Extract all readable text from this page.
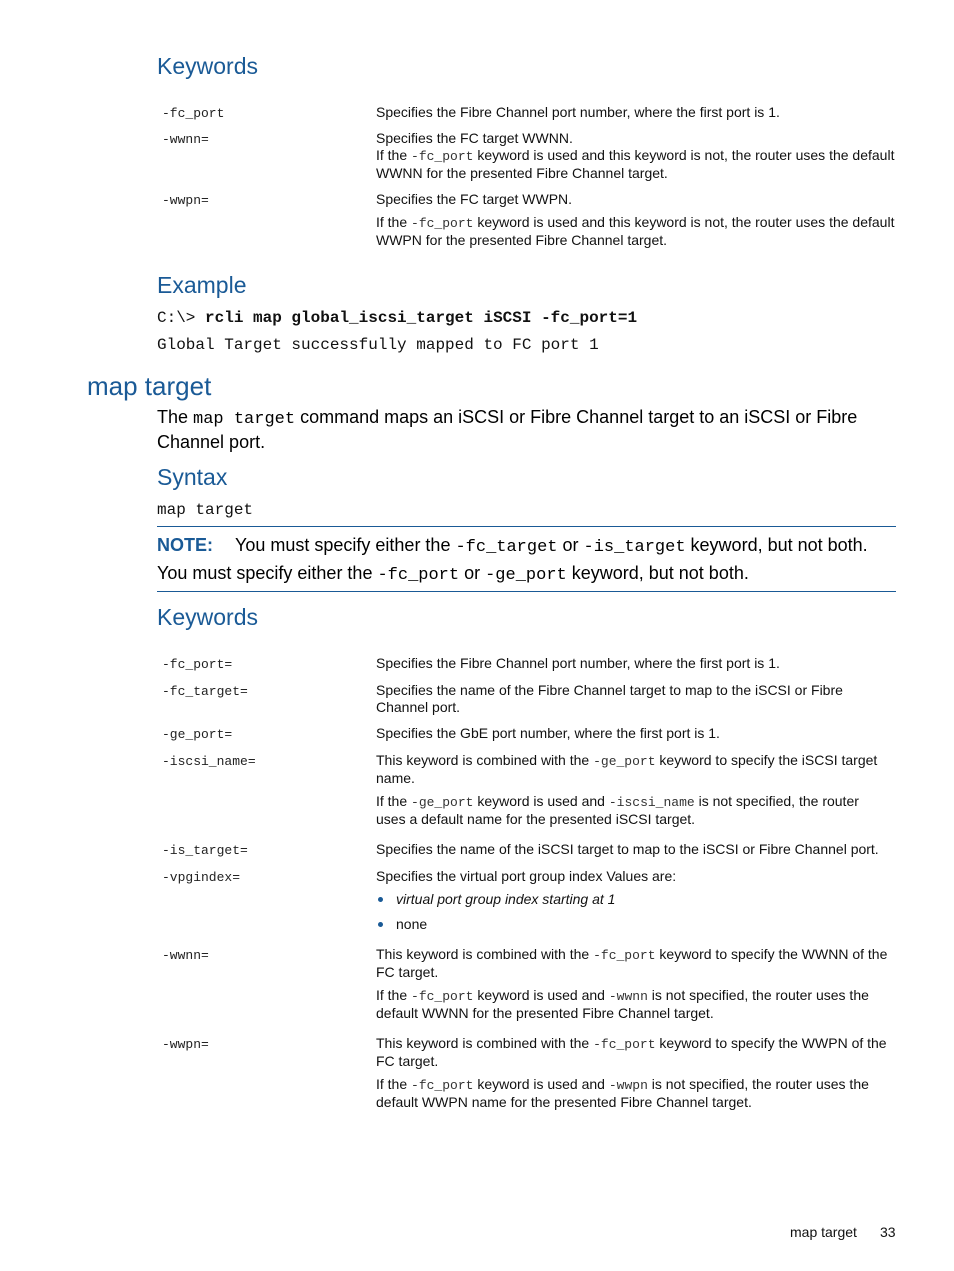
Keywords
-fc_port	Specifies the Fibre Channel port number, where the first port is 1.
-wwnn=	Specifies the FC target WWNN.
If the -fc_port keyword is used and this keyword is not, the router uses the default WWNN for the presented Fibre Channel target.
-wwpn=	Specifies the FC target WWPN.
If the -fc_port keyword is used and this keyword is not, the router uses the default WWPN for the presented Fibre Channel target.
Example
C:\> rcli map global_iscsi_target iSCSI -fc_port=1
Global Target successfully mapped to FC port 1
map target
The map target command maps an iSCSI or Fibre Channel target to an iSCSI or Fibre Channel port.
Syntax
map target
NOTE: You must specify either the -fc_target or -is_target keyword, but not both.
You must specify either the -fc_port or -ge_port keyword, but not both.
Keywords
-fc_port=	Specifies the Fibre Channel port number, where the first port is 1.
-fc_target=	Specifies the name of the Fibre Channel target to map to the iSCSI or Fibre Channel port.
-ge_port=	Specifies the GbE port number, where the first port is 1.
-iscsi_name=	This keyword is combined with the -ge_port keyword to specify the iSCSI target name.
If the -ge_port keyword is used and -iscsi_name is not specified, the router uses a default name for the presented iSCSI target.
-is_target=	Specifies the name of the iSCSI target to map to the iSCSI or Fibre Channel port.
-vpgindex=	Specifies the virtual port group index Values are:
virtual port group index starting at 1
none
-wwnn=	This keyword is combined with the -fc_port keyword to specify the WWNN of the FC target.
If the -fc_port keyword is used and -wwnn is not specified, the router uses the default WWNN for the presented Fibre Channel target.
-wwpn=	This keyword is combined with the -fc_port keyword to specify the WWPN of the FC target.
If the -fc_port keyword is used and -wwpn is not specified, the router uses the default WWPN name for the presented Fibre Channel target.
map target 33
